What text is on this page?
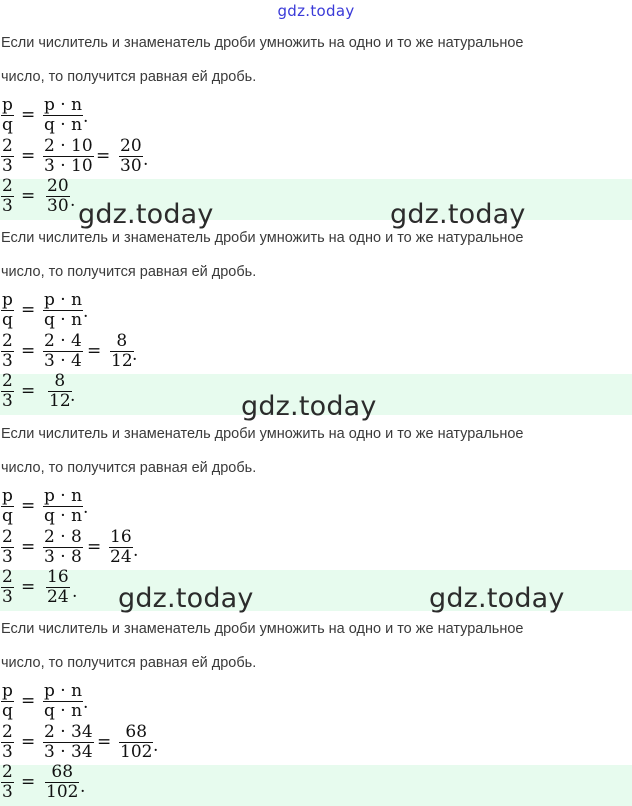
gdz.today
Если числитель и знаменатель дроби умножить на одно и то же натуральное
число, то получится равная ей дробь.
p
q = p · n
q · n .
2
3 = 2 · 10
3 · 10 = 20
30 .
2
3 = 20
30 . gdz.today	gdz.today
Если числитель и знаменатель дроби умножить на одно и то же натуральное
число, то получится равная ей дробь.
p
q = p · n
q · n .
2
3 = 2 · 4
3 · 4 = 8
12 .
2
3 = 8
12 .	gdz.today
Если числитель и знаменатель дроби умножить на одно и то же натуральное
число, то получится равная ей дробь.
p
q = p · n
q · n .
2
3 = 2 · 8
3 · 8 = 16
24 .
2
3 = 16
24 . gdz.today	gdz.today
Если числитель и знаменатель дроби умножить на одно и то же натуральное
число, то получится равная ей дробь.
p
q = p · n
q · n .
2
3 = 2 · 34
3 · 34 = 68
102 .
2
3 = 68
102 .
